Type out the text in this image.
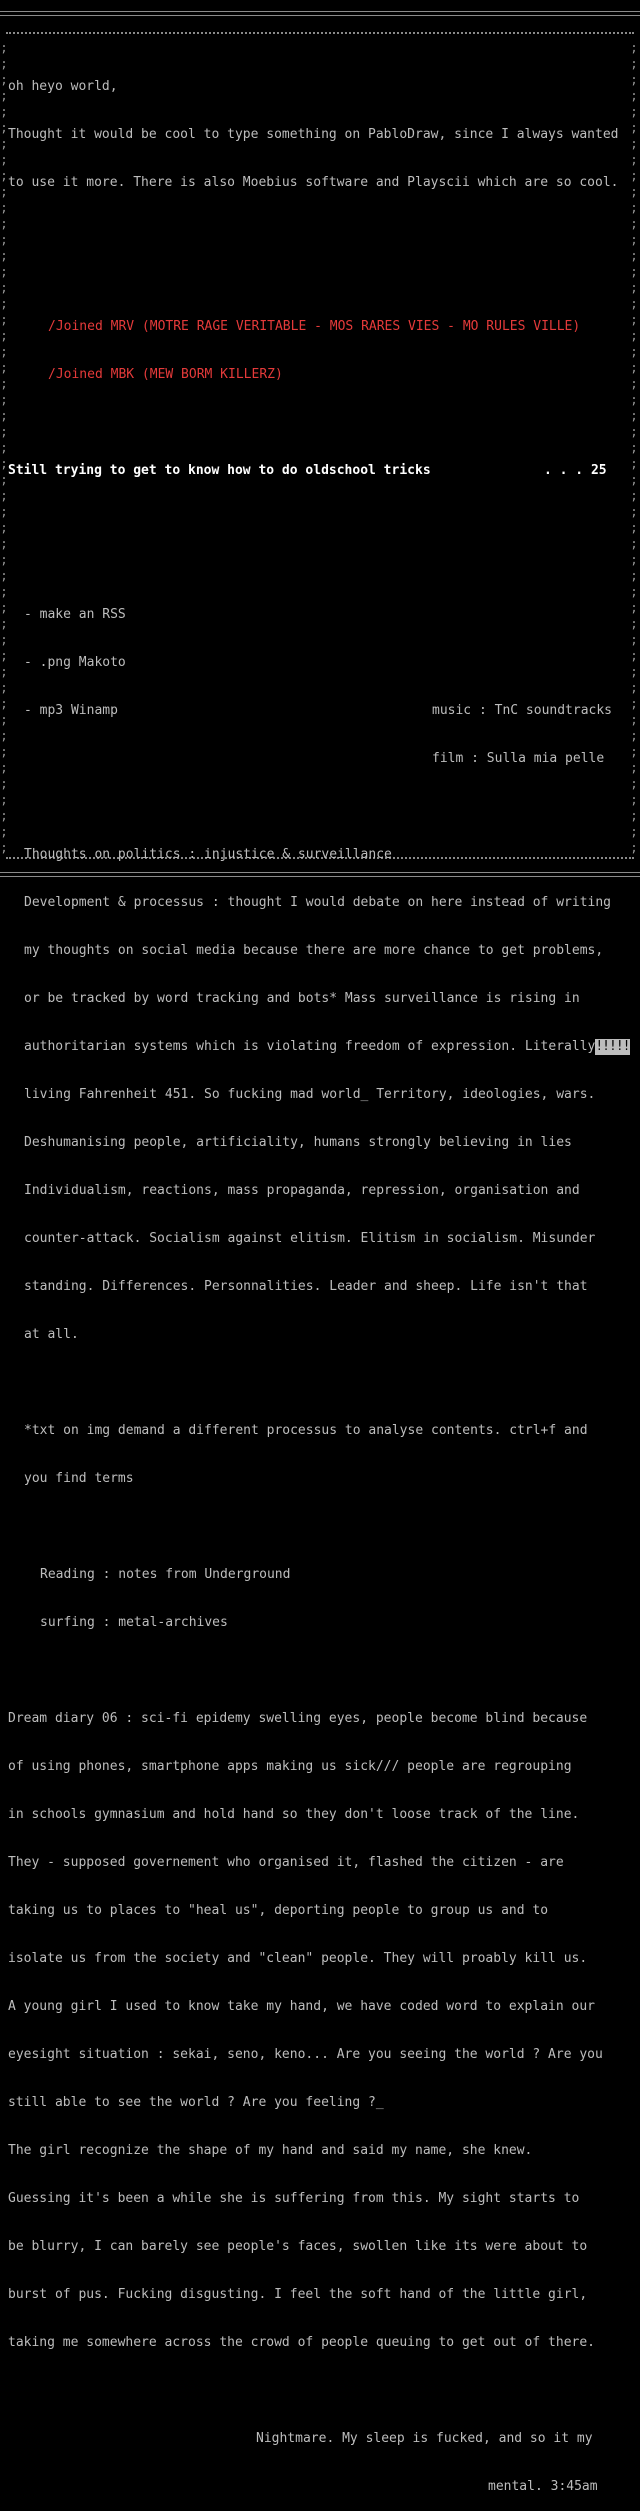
;
;
;
;
;
;
;
;
;
;
;
;
;
;
;
;
;
;
;
;
;
;
;
;
;
;
;
;
;
;
;
;
;
;
;
;
;
;
;
;
;
;
;
;
;
;
;
;
;
;
;
;
;
;
;
;
;
;
;
;
;
;
;
;
;
;
;
;
;
;
;
;
;
;
;
;
;
;
;
;
;
;
;
;
;
;
;
;
;
;
;
;
;
;
;
;
;
;
;
;
;
;

oh heyo world,

Thought it would be cool to type something on PabloDraw, since I always wanted

to use it more. There is also Moebius software and Playscii which are so cool.

/Joined MRV (MOTRE RAGE VERITABLE - MOS RARES VIES - MO RULES VILLE)

/Joined MBK (MEW BORM KILLERZ)

Still trying to get to know how to do oldschool tricks	. . . 25

- make an RSS

- .png Makoto

- mp3 Winamp	music : TnC soundtracks

film : Sulla mia pelle

Thoughts on politics : injustice & surveillance

Development & processus : thought I would debate on here instead of writing

my thoughts on social media because there are more chance to get problems,

or be tracked by word tracking and bots* Mass surveillance is rising in

authoritarian systems which is violating freedom of expression. Literally!!!!!

living Fahrenheit 451. So fucking mad world_ Territory, ideologies, wars.

Deshumanising people, artificiality, humans strongly believing in lies

Individualism, reactions, mass propaganda, repression, organisation and

counter-attack. Socialism against elitism. Elitism in socialism. Misunder

standing. Differences. Personnalities. Leader and sheep. Life isn't that

at all.

*txt on img demand a different processus to analyse contents. ctrl+f and

you find terms

Reading : notes from Underground

surfing : metal-archives

Dream diary 06 : sci-fi epidemy swelling eyes, people become blind because

of using phones, smartphone apps making us sick/// people are regrouping

in schools gymnasium and hold hand so they don't loose track of the line.

They - supposed governement who organised it, flashed the citizen - are

taking us to places to "heal us", deporting people to group us and to

isolate us from the society and "clean" people. They will proably kill us.

A young girl I used to know take my hand, we have coded word to explain our

eyesight situation : sekai, seno, keno... Are you seeing the world ? Are you

still able to see the world ? Are you feeling ?_

The girl recognize the shape of my hand and said my name, she knew.

Guessing it's been a while she is suffering from this. My sight starts to

be blurry, I can barely see people's faces, swollen like its were about to

burst of pus. Fucking disgusting. I feel the soft hand of the little girl,

taking me somewhere across the crowd of people queuing to get out of there.

Nightmare. My sleep is fucked, and so it my

mental. 3:45am
